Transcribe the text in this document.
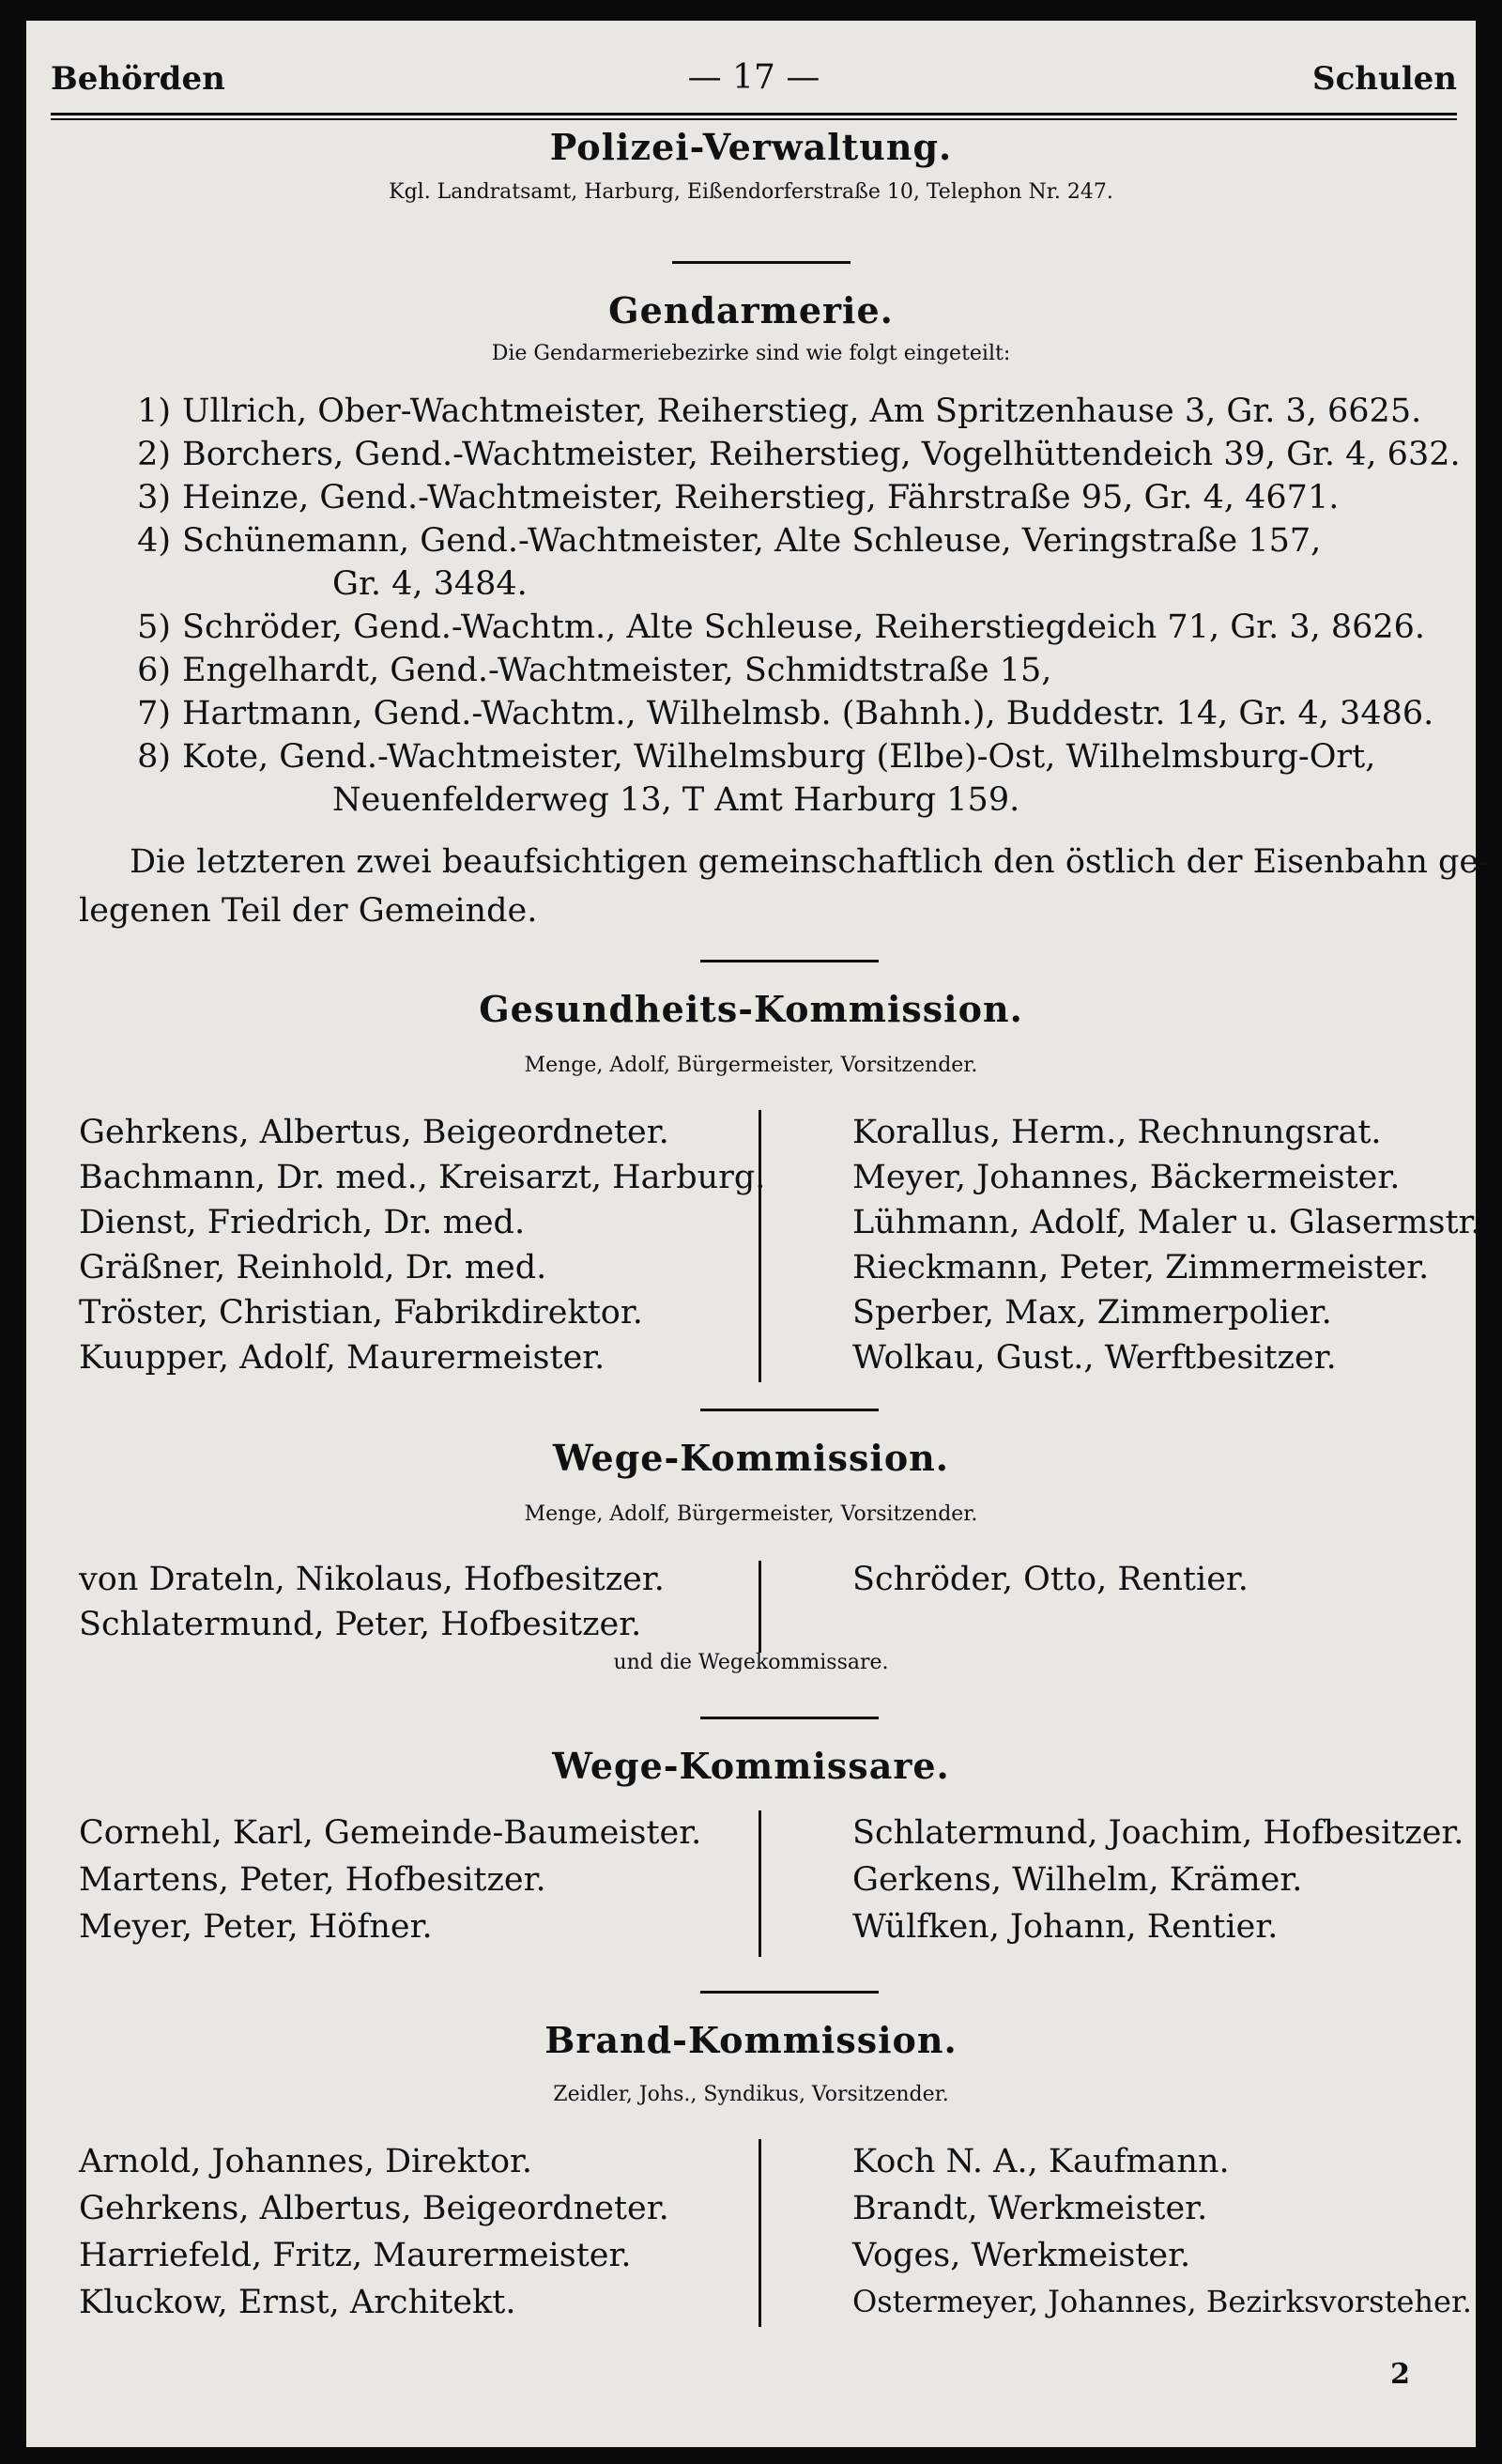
Behörden	— 17 —	Schulen
Polizei-Verwaltung.
Kgl. Landratsamt, Harburg, Eißendorferstraße 10, Telephon Nr. 247.
Gendarmerie.
Die Gendarmeriebezirke sind wie folgt eingeteilt:
1) Ullrich, Ober-Wachtmeister, Reiherstieg, Am Spritzenhause 3, Gr. 3, 6625.
2) Borchers, Gend.-Wachtmeister, Reiherstieg, Vogelhüttendeich 39, Gr. 4, 632.
3) Heinze, Gend.-Wachtmeister, Reiherstieg, Fährstraße 95, Gr. 4, 4671.
4) Schünemann, Gend.-Wachtmeister, Alte Schleuse, Veringstraße 157,
Gr. 4, 3484.
5) Schröder, Gend.-Wachtm., Alte Schleuse, Reiherstiegdeich 71, Gr. 3, 8626.
6) Engelhardt, Gend.-Wachtmeister, Schmidtstraße 15,
7) Hartmann, Gend.-Wachtm., Wilhelmsb. (Bahnh.), Buddestr. 14, Gr. 4, 3486.
8) Kote, Gend.-Wachtmeister, Wilhelmsburg (Elbe)-Ost, Wilhelmsburg-Ort,
Neuenfelderweg 13, T Amt Harburg 159.
Die letzteren zwei beaufsichtigen gemeinschaftlich den östlich der Eisenbahn ge-
legenen Teil der Gemeinde.
Gesundheits-Kommission.
Menge, Adolf, Bürgermeister, Vorsitzender.
Gehrkens, Albertus, Beigeordneter.
Bachmann, Dr. med., Kreisarzt, Harburg.
Dienst, Friedrich, Dr. med.
Gräßner, Reinhold, Dr. med.
Tröster, Christian, Fabrikdirektor.
Kuupper, Adolf, Maurermeister.
Korallus, Herm., Rechnungsrat.
Meyer, Johannes, Bäckermeister.
Lühmann, Adolf, Maler u. Glasermstr.
Rieckmann, Peter, Zimmermeister.
Sperber, Max, Zimmerpolier.
Wolkau, Gust., Werftbesitzer.
Wege-Kommission.
Menge, Adolf, Bürgermeister, Vorsitzender.
von Drateln, Nikolaus, Hofbesitzer.
Schlatermund, Peter, Hofbesitzer.
Schröder, Otto, Rentier.
und die Wegekommissare.
Wege-Kommissare.
Cornehl, Karl, Gemeinde-Baumeister.
Martens, Peter, Hofbesitzer.
Meyer, Peter, Höfner.
Schlatermund, Joachim, Hofbesitzer.
Gerkens, Wilhelm, Krämer.
Wülfken, Johann, Rentier.
Brand-Kommission.
Zeidler, Johs., Syndikus, Vorsitzender.
Arnold, Johannes, Direktor.
Gehrkens, Albertus, Beigeordneter.
Harriefeld, Fritz, Maurermeister.
Kluckow, Ernst, Architekt.
Koch N. A., Kaufmann.
Brandt, Werkmeister.
Voges, Werkmeister.
Ostermeyer, Johannes, Bezirksvorsteher.
2
